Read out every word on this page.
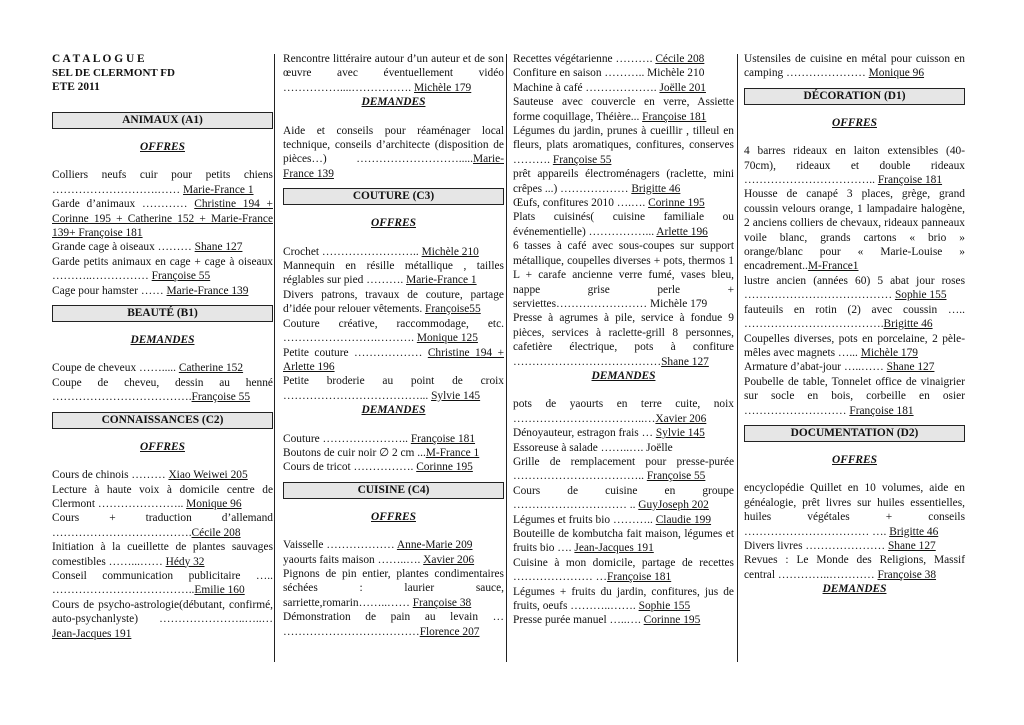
C A T A L O G U E
SEL DE CLERMONT FD
ETE 2011
ANIMAUX (A1)
OFFRES
Colliers neufs cuir pour petits chiens ……………………….…… Marie-France 1
Garde d’animaux ………… Christine 194 + Corinne 195 + Catherine 152 + Marie-France 139+ Françoise 181
Grande cage à oiseaux ……… Shane 127
Garde petits animaux en cage + cage à oiseaux ………..…………… Françoise 55
Cage pour hamster …… Marie-France 139
BEAUTÉ (B1)
DEMANDES
Coupe de cheveux ……..... Catherine 152
Coupe de cheveu, dessin au henné ……………………………….Françoise 55
CONNAISSANCES (C2)
OFFRES
Cours de chinois ……… Xiao Weiwei 205
Lecture à haute voix à domicile centre de Clermont ………………….. Monique 96
Cours + traduction d’allemand ……………………………….Cécile 208
Initiation à la cueillette de plantes sauvages comestibles ……...…… Hédy 32
Conseil communication publicitaire ….. ………………………………..Emilie 160
Cours de psycho-astrologie(débutant, confirmé, auto-psychanlyste) …………………..…..… Jean-Jacques 191
Rencontre littéraire autour d’un auteur et de son œuvre avec éventuellement vidéo ……………....……………. Michèle 179
DEMANDES
Aide et conseils pour réaménager local technique, conseils d’architecte (disposition de pièces…) ……………………….....Marie-France 139
COUTURE (C3)
OFFRES
Crochet …………………….. Michèle 210
Mannequin en résille métallique , tailles réglables sur pied ………. Marie-France 1
Divers patrons, travaux de couture, partage d’idée pour relouer vêtements. Françoise55
Couture créative, raccommodage, etc. …………………….………. Monique 125
Petite couture ……………… Christine 194 + Arlette 196
Petite broderie au point de croix ………………………………... Sylvie 145
DEMANDES
Couture ………………….. Françoise 181
Boutons de cuir noir ∅ 2 cm ...M-France 1
Cours de tricot ……………. Corinne 195
CUISINE (C4)
OFFRES
Vaisselle ……………… Anne-Marie 209
yaourts faits maison ……..…. Xavier 206
Pignons de pin entier, plantes condimentaires séchées : laurier sauce, sarriette,romarin……..…… Françoise 38
Démonstration de pain au levain … ………………………………Florence 207
Recettes végétarienne ………. Cécile 208
Confiture en saison ……….. Michèle 210
Machine à café ………………. Joëlle 201
Sauteuse avec couvercle en verre, Assiette forme coquillage, Théière... Françoise 181
Légumes du jardin, prunes à cueillir , tilleul en fleurs, plats aromatiques, confitures, conserves ………. Françoise 55
prêt appareils électroménagers (raclette, mini crêpes ...) ……………… Brigitte 46
Œufs, confitures 2010 ….…. Corinne 195
Plats cuisinés( cuisine familiale ou événementielle) ……………... Arlette 196
6 tasses à café avec sous-coupes sur support métallique, coupelles diverses + pots, thermos 1 L + carafe ancienne verre fumé, vases bleu, nappe grise perle + serviettes…………………… Michèle 179
Presse à agrumes à pile, service à fondue 9 pièces, services à raclette-grill 8 personnes, cafetière électrique, pots à confiture …………………………………Shane 127
DEMANDES
pots de yaourts en terre cuite, noix ……………………………..…Xavier 206
Dénoyauteur, estragon frais … Sylvie 145
Essoreuse à salade ……..…. Joëlle
Grille de remplacement pour presse-purée …………………………….. Françoise 55
Cours de cuisine en groupe ………………………… .. GuyJoseph 202
Légumes et fruits bio ……….. Claudie 199
Bouteille de kombutcha fait maison, légumes et fruits bio …. Jean-Jacques 191
Cuisine à mon domicile, partage de recettes ………………… …Françoise 181
Légumes + fruits du jardin, confitures, jus de fruits, oeufs ………..……. Sophie 155
Presse purée manuel …..…. Corinne 195
Ustensiles de cuisine en métal pour cuisson en camping ………………… Monique 96
DÉCORATION (D1)
OFFRES
4 barres rideaux en laiton extensibles (40-70cm), rideaux et double rideaux …………………………….. Françoise 181
Housse de canapé 3 places, grège, grand coussin velours orange, 1 lampadaire halogène, 2 anciens colliers de chevaux, rideaux panneaux voile blanc, grands cartons « brio » orange/blanc pour « Marie-Louise » encadrement..M-France1
lustre ancien (années 60) 5 abat jour roses ………………………………… Sophie 155
fauteuils en rotin (2) avec coussin ….. ……………………………….Brigitte 46
Coupelles diverses, pots en porcelaine, 2 pèle-mêles avec magnets …... Michèle 179
Armature d’abat-jour …..…… Shane 127
Poubelle de table, Tonnelet office de vinaigrier sur socle en bois, corbeille en osier ……………………… Françoise 181
DOCUMENTATION (D2)
OFFRES
encyclopédie Quillet en 10 volumes, aide en généalogie, prêt livres sur huiles essentielles, huiles végétales + conseils …………………………… …. Brigitte 46
Divers livres ………………… Shane 127
Revues : Le Monde des Religions, Massif central …………..………… Françoise 38
DEMANDES
